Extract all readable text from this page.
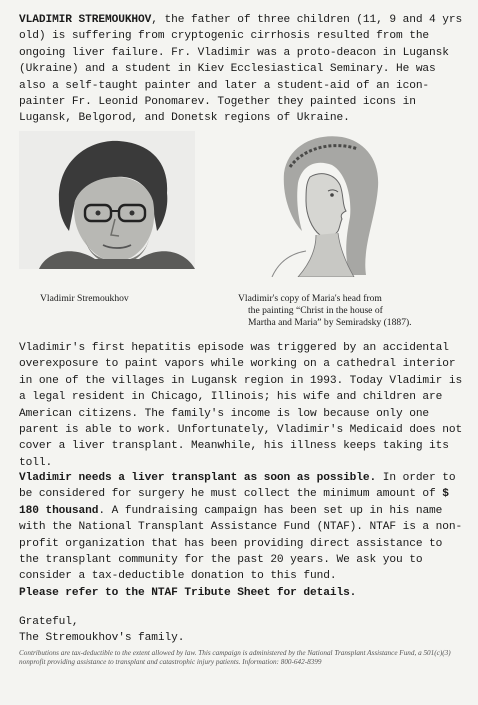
VLADIMIR STREMOUKHOV, the father of three children (11, 9 and 4 yrs old) is suffering from cryptogenic cirrhosis resulted from the ongoing liver failure. Fr. Vladimir was a proto-deacon in Lugansk (Ukraine) and a student in Kiev Ecclesiastical Seminary. He was also a self-taught painter and later a student-aid of an icon-painter Fr. Leonid Ponomarev. Together they painted icons in Lugansk, Belgorod, and Donetsk regions of Ukraine.

Vladimir Stremoukhov	Vladimir's copy of Maria's head from
the painting “Christ in the house of
Martha and Maria” by Semiradsky (1887).

Vladimir's first hepatitis episode was triggered by an accidental overexposure to paint vapors while working on a cathedral interior in one of the villages in Lugansk region in 1993. Today Vladimir is a legal resident in Chicago, Illinois; his wife and children are American citizens. The family's income is low because only one parent is able to work. Unfortunately, Vladimir's Medicaid does not cover a liver transplant. Meanwhile, his illness keeps taking its toll.

Vladimir needs a liver transplant as soon as possible. In order to be considered for surgery he must collect the minimum amount of $ 180 thousand. A fundraising campaign has been set up in his name with the National Transplant Assistance Fund (NTAF). NTAF is a non-profit organization that has been providing direct assistance to the transplant community for the past 20 years. We ask you to consider a tax-deductible donation to this fund.
Please refer to the NTAF Tribute Sheet for details.

Grateful,
The Stremoukhov's family.

Contributions are tax-deductible to the extent allowed by law. This campaign is administered by the National Transplant Assistance Fund, a 501(c)(3) nonprofit providing assistance to transplant and catastrophic injury patients. Information: 800-642-8399
